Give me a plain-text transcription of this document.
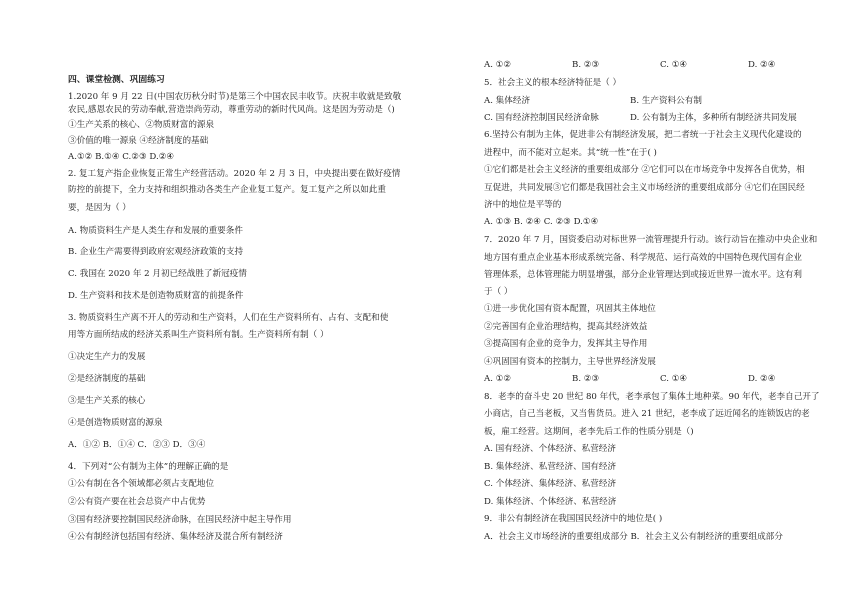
四、课堂检测、巩固练习
1.2020 年 9 月 22 日(中国农历秋分时节)是第三个中国农民丰收节。庆祝丰收就是致敬
农民,感恩农民的劳动奉献,营造崇尚劳动，尊重劳动的新时代风尚。这是因为劳动是（)
①生产关系的核心、②物质财富的源泉
③价值的唯一源泉 ④经济制度的基础
A.①② B.①④ C.②③ D.②④
2. 复工复产指企业恢复正常生产经营活动。2020 年 2 月 3 日，中央提出要在做好疫情
防控的前提下，全力支持和组织推动各类生产企业复工复产。复工复产之所以如此重
要，是因为（ ）
A. 物质资料生产是人类生存和发展的重要条件
B. 企业生产需要得到政府宏观经济政策的支持
C. 我国在 2020 年 2 月初已经战胜了新冠疫情
D. 生产资料和技术是创造物质财富的前提条件
3. 物质资料生产离不开人的劳动和生产资料，人们在生产资料所有、占有、支配和使
用等方面所结成的经济关系叫生产资料所有制。生产资料所有制（ ）
①决定生产力的发展
②是经济制度的基础
③是生产关系的核心
④是创造物质财富的源泉
A．①② B．①④ C．②③ D．③④
4．下列对“公有制为主体”的理解正确的是
①公有制在各个领域都必须占支配地位
②公有资产要在社会总资产中占优势
③国有经济要控制国民经济命脉，在国民经济中起主导作用
④公有制经济包括国有经济、集体经济及混合所有制经济
A. ①②	B. ②③	C. ①④	D. ②④
5．社会主义的根本经济特征是（ ）
A. 集体经济	B. 生产资料公有制
C. 国有经济控制国民经济命脉	D. 公有制为主体，多种所有制经济共同发展
6.坚持公有制为主体，促进非公有制经济发展，把二者统一于社会主义现代化建设的
进程中，而不能对立起来。其“统一性”在于( )
①它们都是社会主义经济的重要组成部分 ②它们可以在市场竞争中发挥各自优势，相
互促进，共同发展③它们都是我国社会主义市场经济的重要组成部分 ④它们在国民经
济中的地位是平等的
A. ①③ B. ②④ C. ②③ D.①④
7．2020 年 7 月，国资委启动对标世界一流管理提升行动。该行动旨在推动中央企业和
地方国有重点企业基本形成系统完备、科学规范、运行高效的中国特色现代国有企业
管理体系，总体管理能力明显增强，部分企业管理达到或接近世界一流水平。这有利
于（ ）
①进一步优化国有资本配置，巩固其主体地位
②完善国有企业治理结构，提高其经济效益
③提高国有企业的竞争力，发挥其主导作用
④巩固国有资本的控制力，主导世界经济发展
A. ①②	B. ②③	C. ①④	D. ②④
8．老李的奋斗史 20 世纪 80 年代，老李承包了集体土地种菜。90 年代，老李自己开了
小商店，自己当老板，又当售货员。进入 21 世纪，老李成了远近闻名的连锁饭店的老
板，雇工经营。这期间，老李先后工作的性质分别是（)
A. 国有经济、个体经济、私营经济
B. 集体经济、私营经济、国有经济
C. 个体经济、集体经济、私营经济
D. 集体经济、个体经济、私营经济
9．非公有制经济在我国国民经济中的地位是( )
A．社会主义市场经济的重要组成部分 B．社会主义公有制经济的重要组成部分
